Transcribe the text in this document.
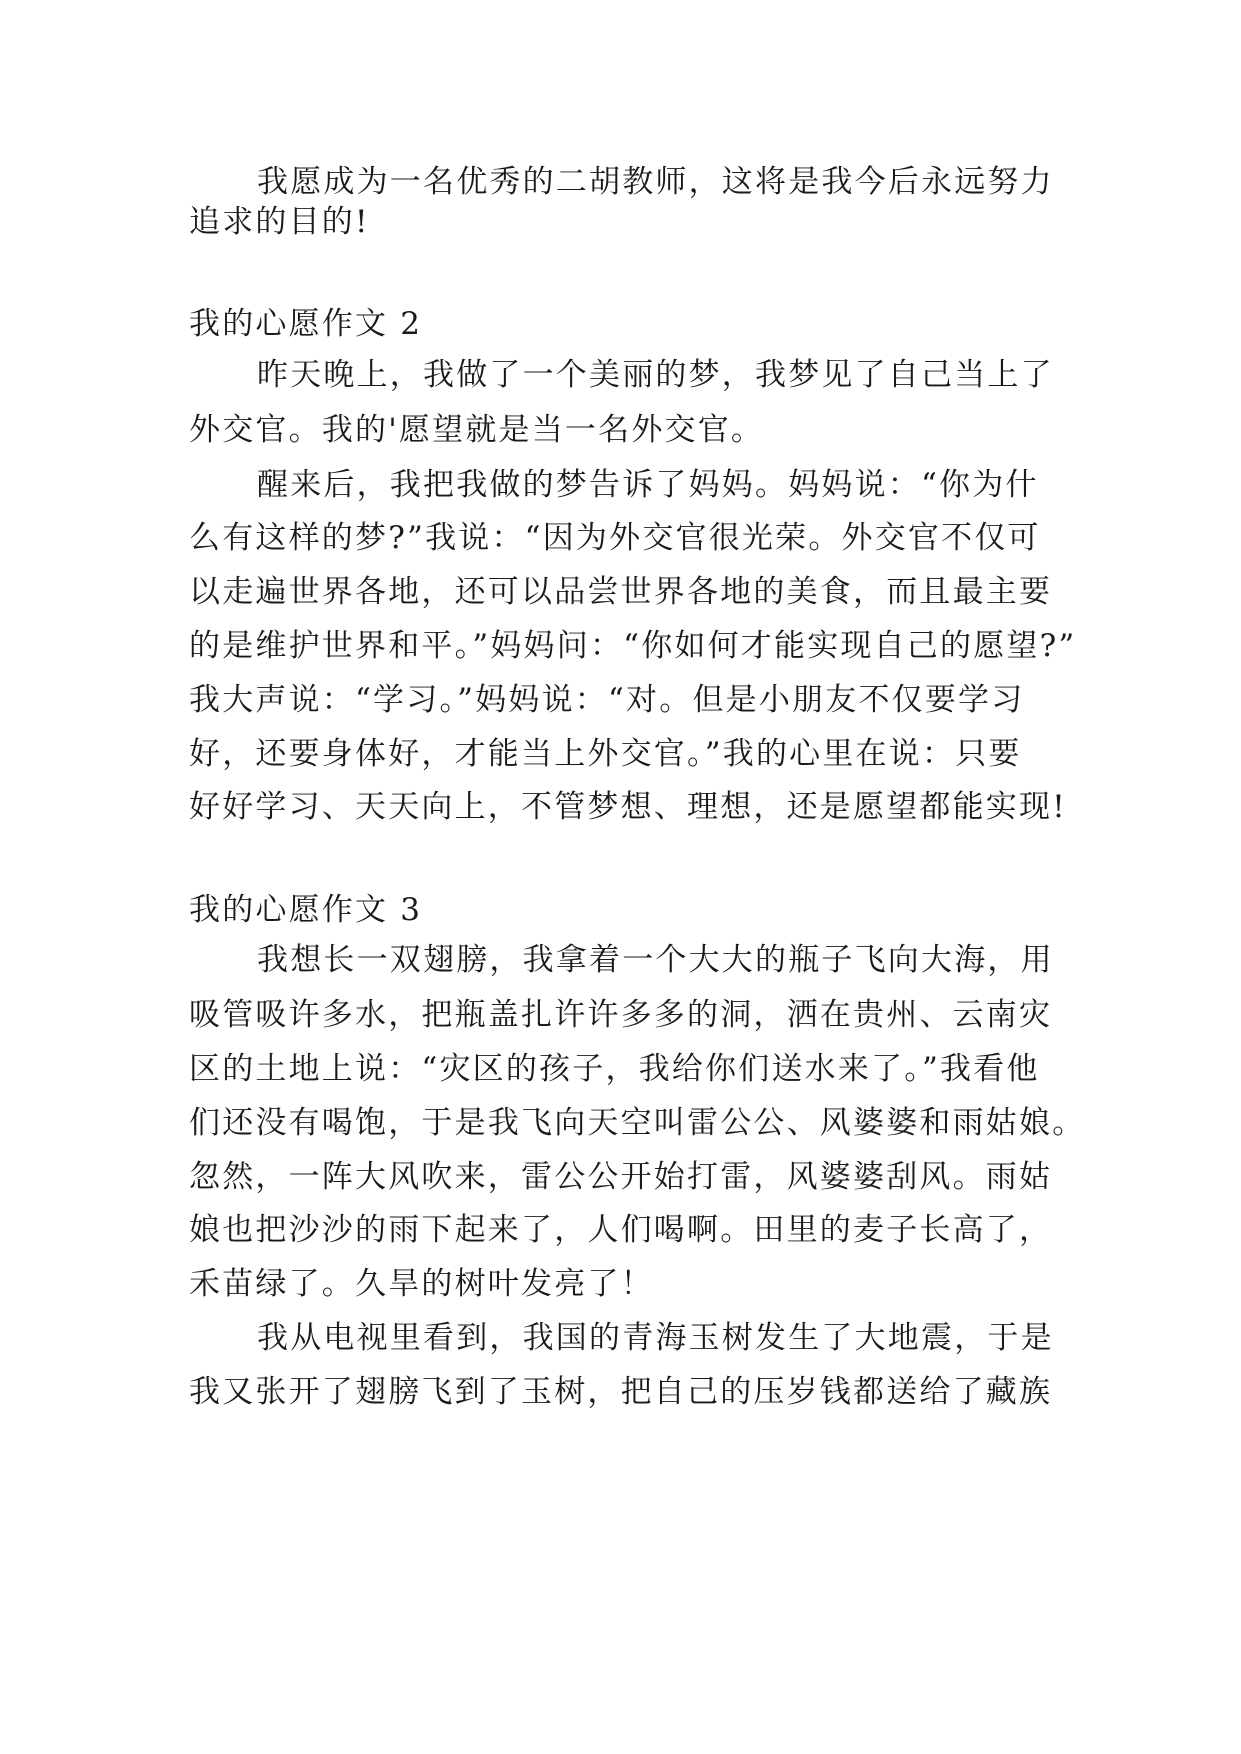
我愿成为一名优秀的二胡教师，这将是我今后永远努力
追求的目的!
我的心愿作文 2
昨天晚上，我做了一个美丽的梦，我梦见了自己当上了
外交官。我的'愿望就是当一名外交官。
醒来后，我把我做的梦告诉了妈妈。妈妈说：“你为什
么有这样的梦?”我说：“因为外交官很光荣。外交官不仅可
以走遍世界各地，还可以品尝世界各地的美食，而且最主要
的是维护世界和平。”妈妈问：“你如何才能实现自己的愿望?”
我大声说：“学习。”妈妈说：“对。但是小朋友不仅要学习
好，还要身体好，才能当上外交官。”我的心里在说：只要
好好学习、天天向上，不管梦想、理想，还是愿望都能实现!
我的心愿作文 3
我想长一双翅膀，我拿着一个大大的瓶子飞向大海，用
吸管吸许多水，把瓶盖扎许许多多的洞，洒在贵州、云南灾
区的土地上说：“灾区的孩子，我给你们送水来了。”我看他
们还没有喝饱，于是我飞向天空叫雷公公、风婆婆和雨姑娘。
忽然，一阵大风吹来，雷公公开始打雷，风婆婆刮风。雨姑
娘也把沙沙的雨下起来了，人们喝啊。田里的麦子长高了，
禾苗绿了。久旱的树叶发亮了！
我从电视里看到，我国的青海玉树发生了大地震，于是
我又张开了翅膀飞到了玉树，把自己的压岁钱都送给了藏族
